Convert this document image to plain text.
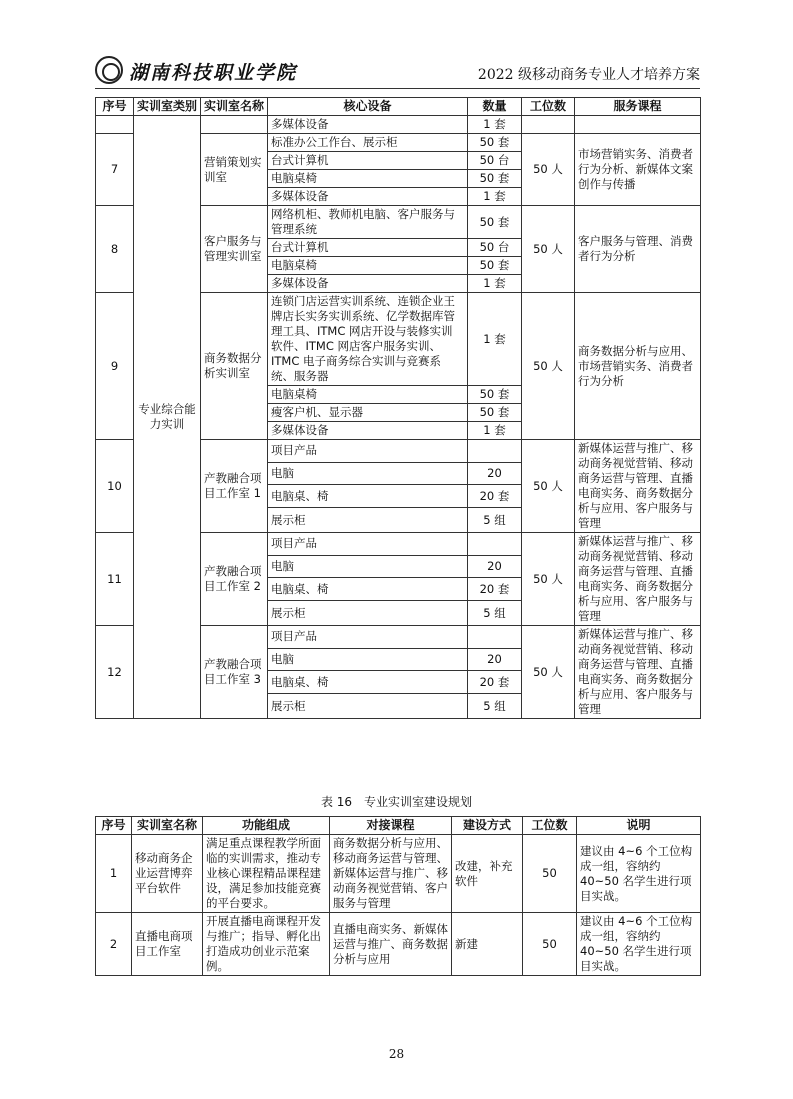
湖南科技职业学院	2022 级移动商务专业人才培养方案
序号	实训室类别	实训室名称	核心设备	数量	工位数	服务课程
	专业综合能力实训		多媒体设备	1 套		
7		营销策划实训室	标准办公工作台、展示柜	50 套	50 人	市场营销实务、消费者行为分析、新媒体文案创作与传播
			台式计算机	50 台		
			电脑桌椅	50 套		
			多媒体设备	1 套		
8		客户服务与管理实训室	网络机柜、教师机电脑、客户服务与管理系统	50 套	50 人	客户服务与管理、消费者行为分析
			台式计算机	50 台		
			电脑桌椅	50 套		
			多媒体设备	1 套		
9		商务数据分析实训室	连锁门店运营实训系统、连锁企业王牌店长实务实训系统、亿学数据库管理工具、ITMC 网店开设与装修实训软件、ITMC 网店客户服务实训、ITMC 电子商务综合实训与竞赛系统、服务器	1 套	50 人	商务数据分析与应用、市场营销实务、消费者行为分析
			电脑桌椅	50 套		
			瘦客户机、显示器	50 套		
			多媒体设备	1 套		
10		产教融合项目工作室 1	项目产品		50 人	新媒体运营与推广、移动商务视觉营销、移动商务运营与管理、直播电商实务、商务数据分析与应用、客户服务与管理
			电脑	20		
			电脑桌、椅	20 套		
			展示柜	5 组		
11		产教融合项目工作室 2	项目产品		50 人	新媒体运营与推广、移动商务视觉营销、移动商务运营与管理、直播电商实务、商务数据分析与应用、客户服务与管理
			电脑	20		
			电脑桌、椅	20 套		
			展示柜	5 组		
12		产教融合项目工作室 3	项目产品		50 人	新媒体运营与推广、移动商务视觉营销、移动商务运营与管理、直播电商实务、商务数据分析与应用、客户服务与管理
			电脑	20		
			电脑桌、椅	20 套		
			展示柜	5 组		
表 16　专业实训室建设规划
序号	实训室名称	功能组成	对接课程	建设方式	工位数	说明
1	移动商务企业运营博弈平台软件	满足重点课程教学所面临的实训需求，推动专业核心课程精品课程建设，满足参加技能竞赛的平台要求。	商务数据分析与应用、移动商务运营与管理、新媒体运营与推广、移动商务视觉营销、客户服务与管理	改建，补充软件	50	建议由 4~6 个工位构成一组，容纳约 40~50 名学生进行项目实战。
2	直播电商项目工作室	开展直播电商课程开发与推广；指导、孵化出打造成功创业示范案例。	直播电商实务、新媒体运营与推广、商务数据分析与应用	新建	50	建议由 4~6 个工位构成一组，容纳约 40~50 名学生进行项目实战。
28
